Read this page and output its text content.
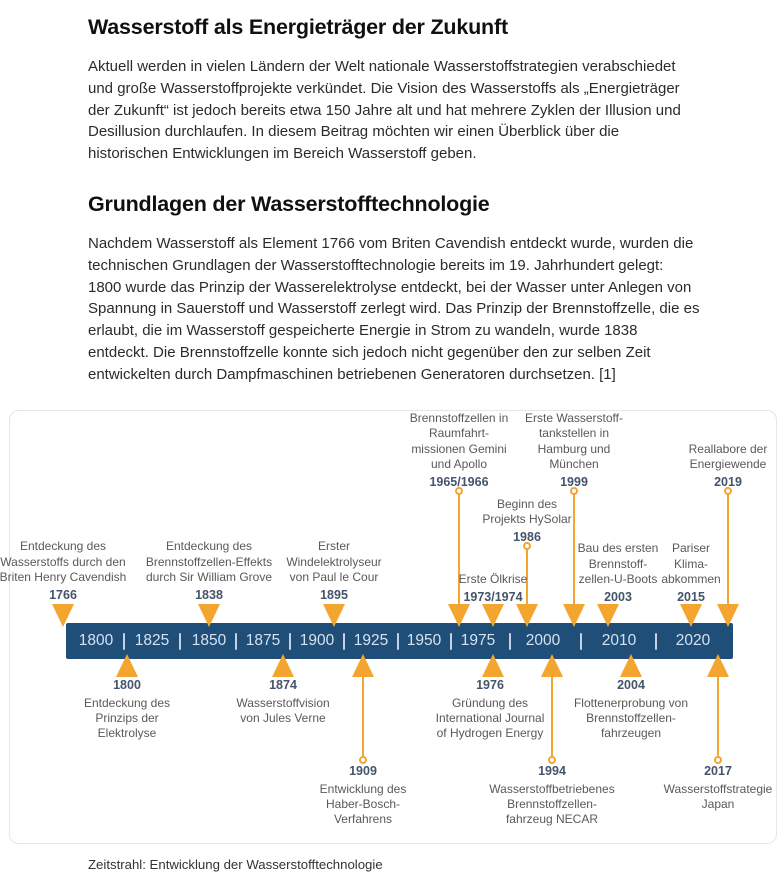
Wasserstoff als Energieträger der Zukunft

Aktuell werden in vielen Ländern der Welt nationale Wasserstoffstrategien verabschiedet und große Wasserstoffprojekte verkündet. Die Vision des Wasserstoffs als „Energieträger der Zukunft“ ist jedoch bereits etwa 150 Jahre alt und hat mehrere Zyklen der Illusion und Desillusion durchlaufen. In diesem Beitrag möchten wir einen Überblick über die historischen Entwicklungen im Bereich Wasserstoff geben.

Grundlagen der Wasserstofftechnologie

Nachdem Wasserstoff als Element 1766 vom Briten Cavendish entdeckt wurde, wurden die technischen Grundlagen der Wasserstofftechnologie bereits im 19. Jahrhundert gelegt: 1800 wurde das Prinzip der Wasserelektrolyse entdeckt, bei der Wasser unter Anlegen von Spannung in Sauerstoff und Wasserstoff zerlegt wird. Das Prinzip der Brennstoffzelle, die es erlaubt, die im Wasserstoff gespeicherte Energie in Strom zu wandeln, wurde 1838 entdeckt. Die Brennstoffzelle konnte sich jedoch nicht gegenüber den zur selben Zeit entwickelten durch Dampfmaschinen betriebenen Generatoren durchsetzen. [1]

1800 1825 1850 1875 1900 1925 1950 1975 2000	2010	2020
Entdeckung des
Wasserstoffs durch den
Briten Henry Cavendish
1766
Entdeckung des
Brennstoffzellen-Effekts
durch Sir William Grove
1838
Erster
Windelektrolyseur
von Paul le Cour
1895
Brennstoffzellen in
Raumfahrt-
missionen Gemini
und Apollo
1965/1966
Erste Ölkrise
1973/1974
Beginn des
Projekts HySolar
1986
Erste Wasserstoff-
tankstellen in
Hamburg und
München
1999
Bau des ersten
Brennstoff-
zellen-U-Boots
2003
Pariser
Klima-
abkommen
2015
Reallabore der
Energiewende
2019
1800
Entdeckung des
Prinzips der
Elektrolyse
1874
Wasserstoffvision
von Jules Verne
1909
Entwicklung des
Haber-Bosch-
Verfahrens
1976
Gründung des
International Journal
of Hydrogen Energy
1994
Wasserstoffbetriebenes
Brennstoffzellen-
fahrzeug NECAR
2004
Flottenerprobung von
Brennstoffzellen-
fahrzeugen
2017
Wasserstoffstrategie
Japan
Zeitstrahl: Entwicklung der Wasserstofftechnologie
